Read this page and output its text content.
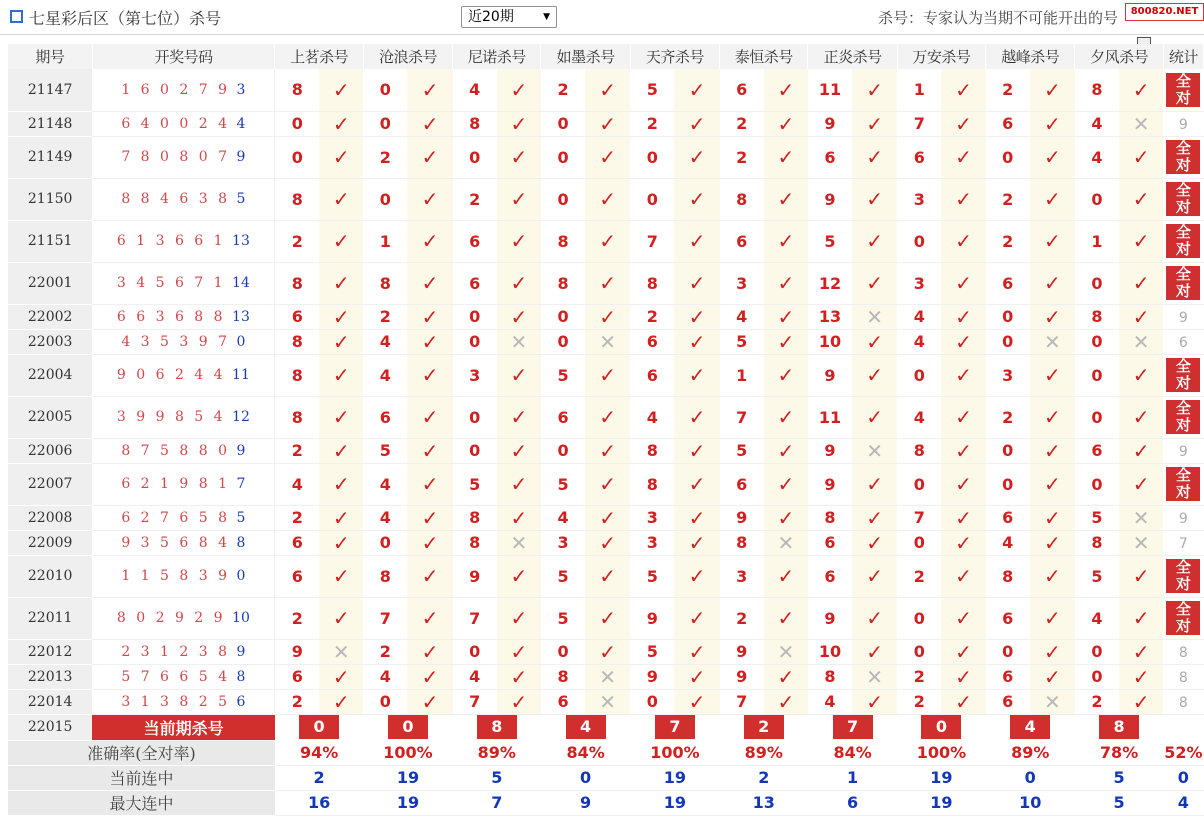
七星彩后区（第七位）杀号	近20期	▼	杀号：专家认为当期不可能开出的号	800820.NET
期号	开奖号码	上茗杀号		沧浪杀号		尼诺杀号		如墨杀号		天齐杀号		泰恒杀号		正炎杀号		万安杀号		越峰杀号		夕风杀号		统计
21147	1 6 0 2 7 9 3	8	✓	0	✓	4	✓	2	✓	5	✓	6	✓	11	✓	1	✓	2	✓	8	✓	全
对

21148	6 4 0 0 2 4 4	0	✓	0	✓	8	✓	0	✓	2	✓	2	✓	9	✓	7	✓	6	✓	4	✕	9
21149	7 8 0 8 0 7 9	0	✓	2	✓	0	✓	0	✓	0	✓	2	✓	6	✓	6	✓	0	✓	4	✓	全
对

21150	8 8 4 6 3 8 5	8	✓	0	✓	2	✓	0	✓	0	✓	8	✓	9	✓	3	✓	2	✓	0	✓	全
对

21151	6 1 3 6 6 1 13	2	✓	1	✓	6	✓	8	✓	7	✓	6	✓	5	✓	0	✓	2	✓	1	✓	全
对

22001	3 4 5 6 7 1 14	8	✓	8	✓	6	✓	8	✓	8	✓	3	✓	12	✓	3	✓	6	✓	0	✓	全
对

22002	6 6 3 6 8 8 13	6	✓	2	✓	0	✓	0	✓	2	✓	4	✓	13	✕	4	✓	0	✓	8	✓	9
22003	4 3 5 3 9 7 0	8	✓	4	✓	0	✕	0	✕	6	✓	5	✓	10	✓	4	✓	0	✕	0	✕	6
22004	9 0 6 2 4 4 11	8	✓	4	✓	3	✓	5	✓	6	✓	1	✓	9	✓	0	✓	3	✓	0	✓	全
对

22005	3 9 9 8 5 4 12	8	✓	6	✓	0	✓	6	✓	4	✓	7	✓	11	✓	4	✓	2	✓	0	✓	全
对

22006	8 7 5 8 8 0 9	2	✓	5	✓	0	✓	0	✓	8	✓	5	✓	9	✕	8	✓	0	✓	6	✓	9
22007	6 2 1 9 8 1 7	4	✓	4	✓	5	✓	5	✓	8	✓	6	✓	9	✓	0	✓	0	✓	0	✓	全
对

22008	6 2 7 6 5 8 5	2	✓	4	✓	8	✓	4	✓	3	✓	9	✓	8	✓	7	✓	6	✓	5	✕	9
22009	9 3 5 6 8 4 8	6	✓	0	✓	8	✕	3	✓	3	✓	8	✕	6	✓	0	✓	4	✓	8	✕	7
22010	1 1 5 8 3 9 0	6	✓	8	✓	9	✓	5	✓	5	✓	3	✓	6	✓	2	✓	8	✓	5	✓	全
对

22011	8 0 2 9 2 9 10	2	✓	7	✓	7	✓	5	✓	9	✓	2	✓	9	✓	0	✓	6	✓	4	✓	全
对

22012	2 3 1 2 3 8 9	9	✕	2	✓	0	✓	0	✓	5	✓	9	✕	10	✓	0	✓	0	✓	0	✓	8
22013	5 7 6 6 5 4 8	6	✓	4	✓	4	✓	8	✕	9	✓	9	✓	8	✕	2	✓	6	✓	0	✓	8
22014	3 1 3 8 2 5 6	2	✓	0	✓	7	✓	6	✕	0	✓	7	✓	4	✓	2	✓	6	✕	2	✓	8
22015	当前期杀号	0		0		8		4		7		2		7		0		4		8		
准确率(全对率)		94%		100%		89%		84%		100%		89%		84%		100%		89%		78%		52%
当前连中		2		19		5		0		19		2		1		19		0		5		0
最大连中		16		19		7		9		19		13		6		19		10		5		4
